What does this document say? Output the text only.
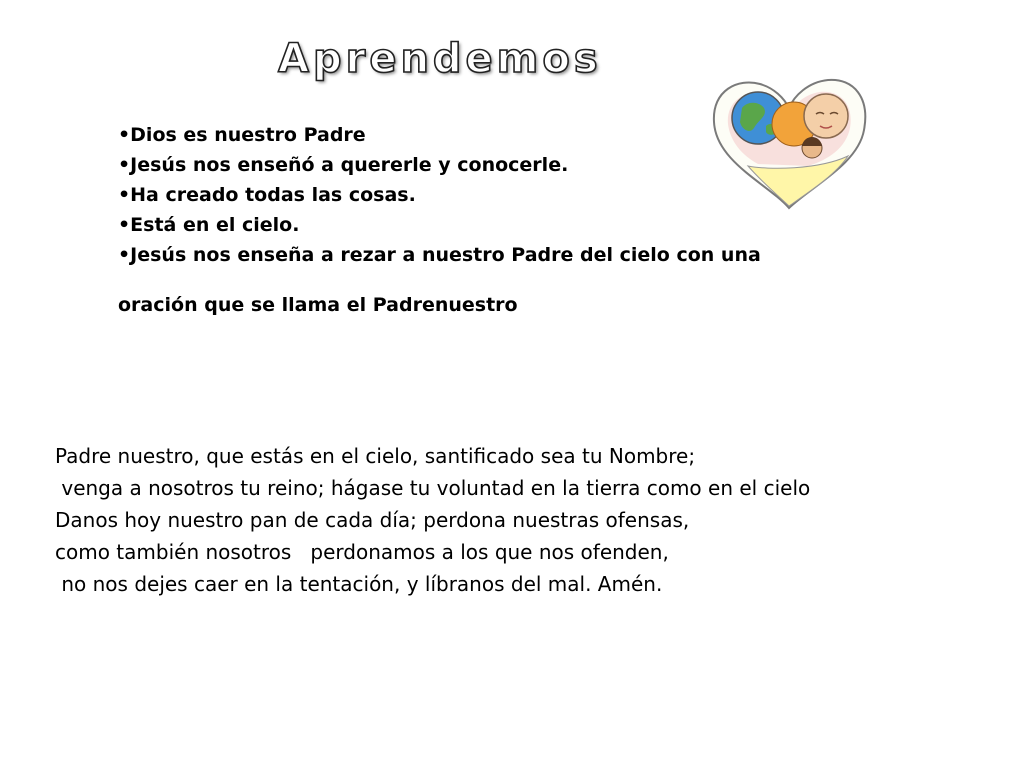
Aprendemos
• Dios es nuestro Padre
• Jesús nos enseñó a quererle y conocerle.
• Ha creado todas las cosas.
• Está en el cielo.
• Jesús nos enseña a rezar a nuestro Padre del cielo con una
oración que se llama el Padrenuestro
Padre nuestro, que estás en el cielo, santificado sea tu Nombre;
venga a nosotros tu reino; hágase tu voluntad en la tierra como en el cielo
Danos hoy nuestro pan de cada día; perdona nuestras ofensas,
como también nosotros   perdonamos a los que nos ofenden,
no nos dejes caer en la tentación, y líbranos del mal. Amén.
